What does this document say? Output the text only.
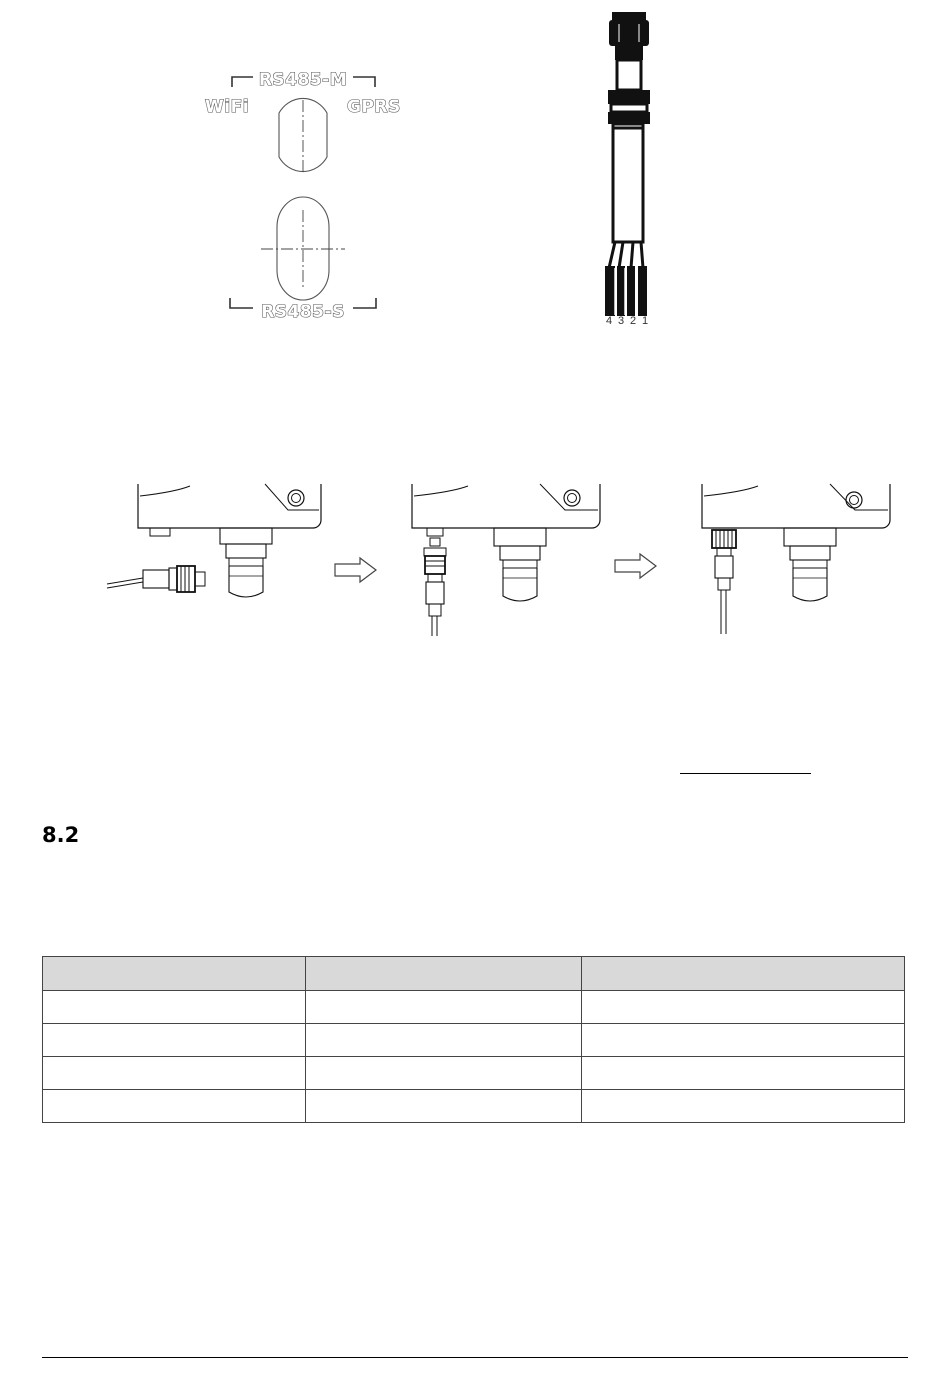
RS485-M
WiFi	GPRS
RS485-S	4 3 2 1
8.2
